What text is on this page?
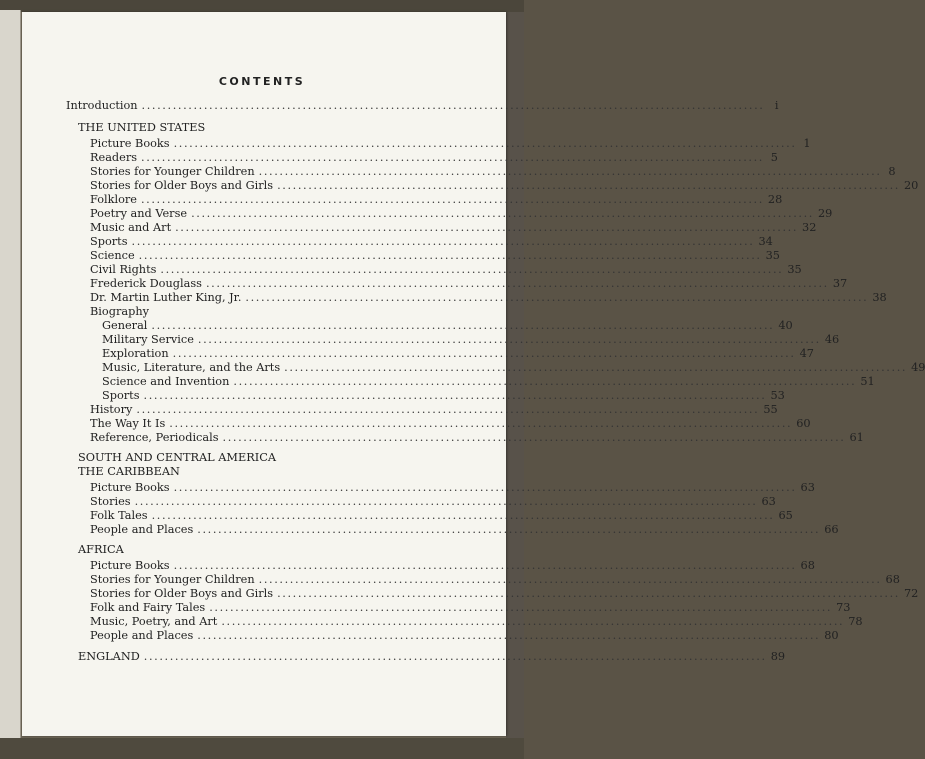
CONTENTS
Introduction ........................................................................................................................ i
THE UNITED STATES
Picture Books ........................................................................................................................ 1
Readers ........................................................................................................................ 5
Stories for Younger Children ........................................................................................................................ 8
Stories for Older Boys and Girls ........................................................................................................................ 20
Folklore ........................................................................................................................ 28
Poetry and Verse ........................................................................................................................ 29
Music and Art ........................................................................................................................ 32
Sports ........................................................................................................................ 34
Science ........................................................................................................................ 35
Civil Rights ........................................................................................................................ 35
Frederick Douglass ........................................................................................................................ 37
Dr. Martin Luther King, Jr. ........................................................................................................................ 38
Biography
General ........................................................................................................................ 40
Military Service ........................................................................................................................ 46
Exploration ........................................................................................................................ 47
Music, Literature, and the Arts ........................................................................................................................ 49
Science and Invention ........................................................................................................................ 51
Sports ........................................................................................................................ 53
History ........................................................................................................................ 55
The Way It Is ........................................................................................................................ 60
Reference, Periodicals ........................................................................................................................ 61
SOUTH AND CENTRAL AMERICA
THE CARIBBEAN
Picture Books ........................................................................................................................ 63
Stories ........................................................................................................................ 63
Folk Tales ........................................................................................................................ 65
People and Places ........................................................................................................................ 66
AFRICA
Picture Books ........................................................................................................................ 68
Stories for Younger Children ........................................................................................................................ 68
Stories for Older Boys and Girls ........................................................................................................................ 72
Folk and Fairy Tales ........................................................................................................................ 73
Music, Poetry, and Art ........................................................................................................................ 78
People and Places ........................................................................................................................ 80
ENGLAND ........................................................................................................................ 89
